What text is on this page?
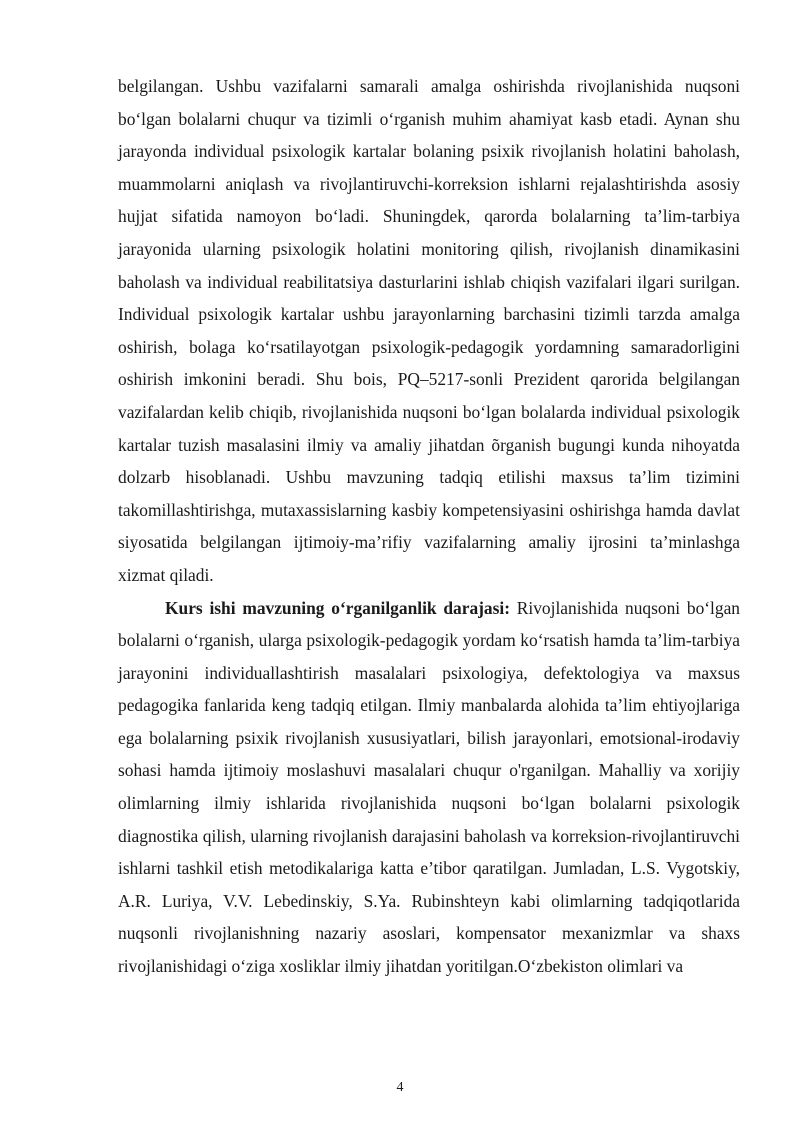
belgilangan. Ushbu vazifalarni samarali amalga oshirishda rivojlanishida nuqsoni bo‘lgan bolalarni chuqur va tizimli o‘rganish muhim ahamiyat kasb etadi. Aynan shu jarayonda individual psixologik kartalar bolaning psixik rivojlanish holatini baholash, muammolarni aniqlash va rivojlantiruvchi-korreksion ishlarni rejalashtirishda asosiy hujjat sifatida namoyon bo‘ladi. Shuningdek, qarorda bolalarning ta’lim-tarbiya jarayonida ularning psixologik holatini monitoring qilish, rivojlanish dinamikasini baholash va individual reabilitatsiya dasturlarini ishlab chiqish vazifalari ilgari surilgan. Individual psixologik kartalar ushbu jarayonlarning barchasini tizimli tarzda amalga oshirish, bolaga ko‘rsatilayotgan psixologik-pedagogik yordamning samaradorligini oshirish imkonini beradi. Shu bois, PQ–5217-sonli Prezident qarorida belgilangan vazifalardan kelib chiqib, rivojlanishida nuqsoni bo‘lgan bolalarda individual psixologik kartalar tuzish masalasini ilmiy va amaliy jihatdan õrganish bugungi kunda nihoyatda dolzarb hisoblanadi. Ushbu mavzuning tadqiq etilishi maxsus ta’lim tizimini takomillashtirishga, mutaxassislarning kasbiy kompetensiyasini oshirishga hamda davlat siyosatida belgilangan ijtimoiy-ma’rifiy vazifalarning amaliy ijrosini ta’minlashga xizmat qiladi.

Kurs ishi mavzuning o‘rganilganlik darajasi: Rivojlanishida nuqsoni bo‘lgan bolalarni o‘rganish, ularga psixologik-pedagogik yordam ko‘rsatish hamda ta’lim-tarbiya jarayonini individuallashtirish masalalari psixologiya, defektologiya va maxsus pedagogika fanlarida keng tadqiq etilgan. Ilmiy manbalarda alohida ta’lim ehtiyojlariga ega bolalarning psixik rivojlanish xususiyatlari, bilish jarayonlari, emotsional-irodaviy sohasi hamda ijtimoiy moslashuvi masalalari chuqur o'rganilgan. Mahalliy va xorijiy olimlarning ilmiy ishlarida rivojlanishida nuqsoni bo‘lgan bolalarni psixologik diagnostika qilish, ularning rivojlanish darajasini baholash va korreksion-rivojlantiruvchi ishlarni tashkil etish metodikalariga katta e’tibor qaratilgan. Jumladan, L.S. Vygotskiy, A.R. Luriya, V.V. Lebedinskiy, S.Ya. Rubinshteyn kabi olimlarning tadqiqotlarida nuqsonli rivojlanishning nazariy asoslari, kompensator mexanizmlar va shaxs rivojlanishidagi o‘ziga xosliklar ilmiy jihatdan yoritilgan.O‘zbekiston olimlari va

4
